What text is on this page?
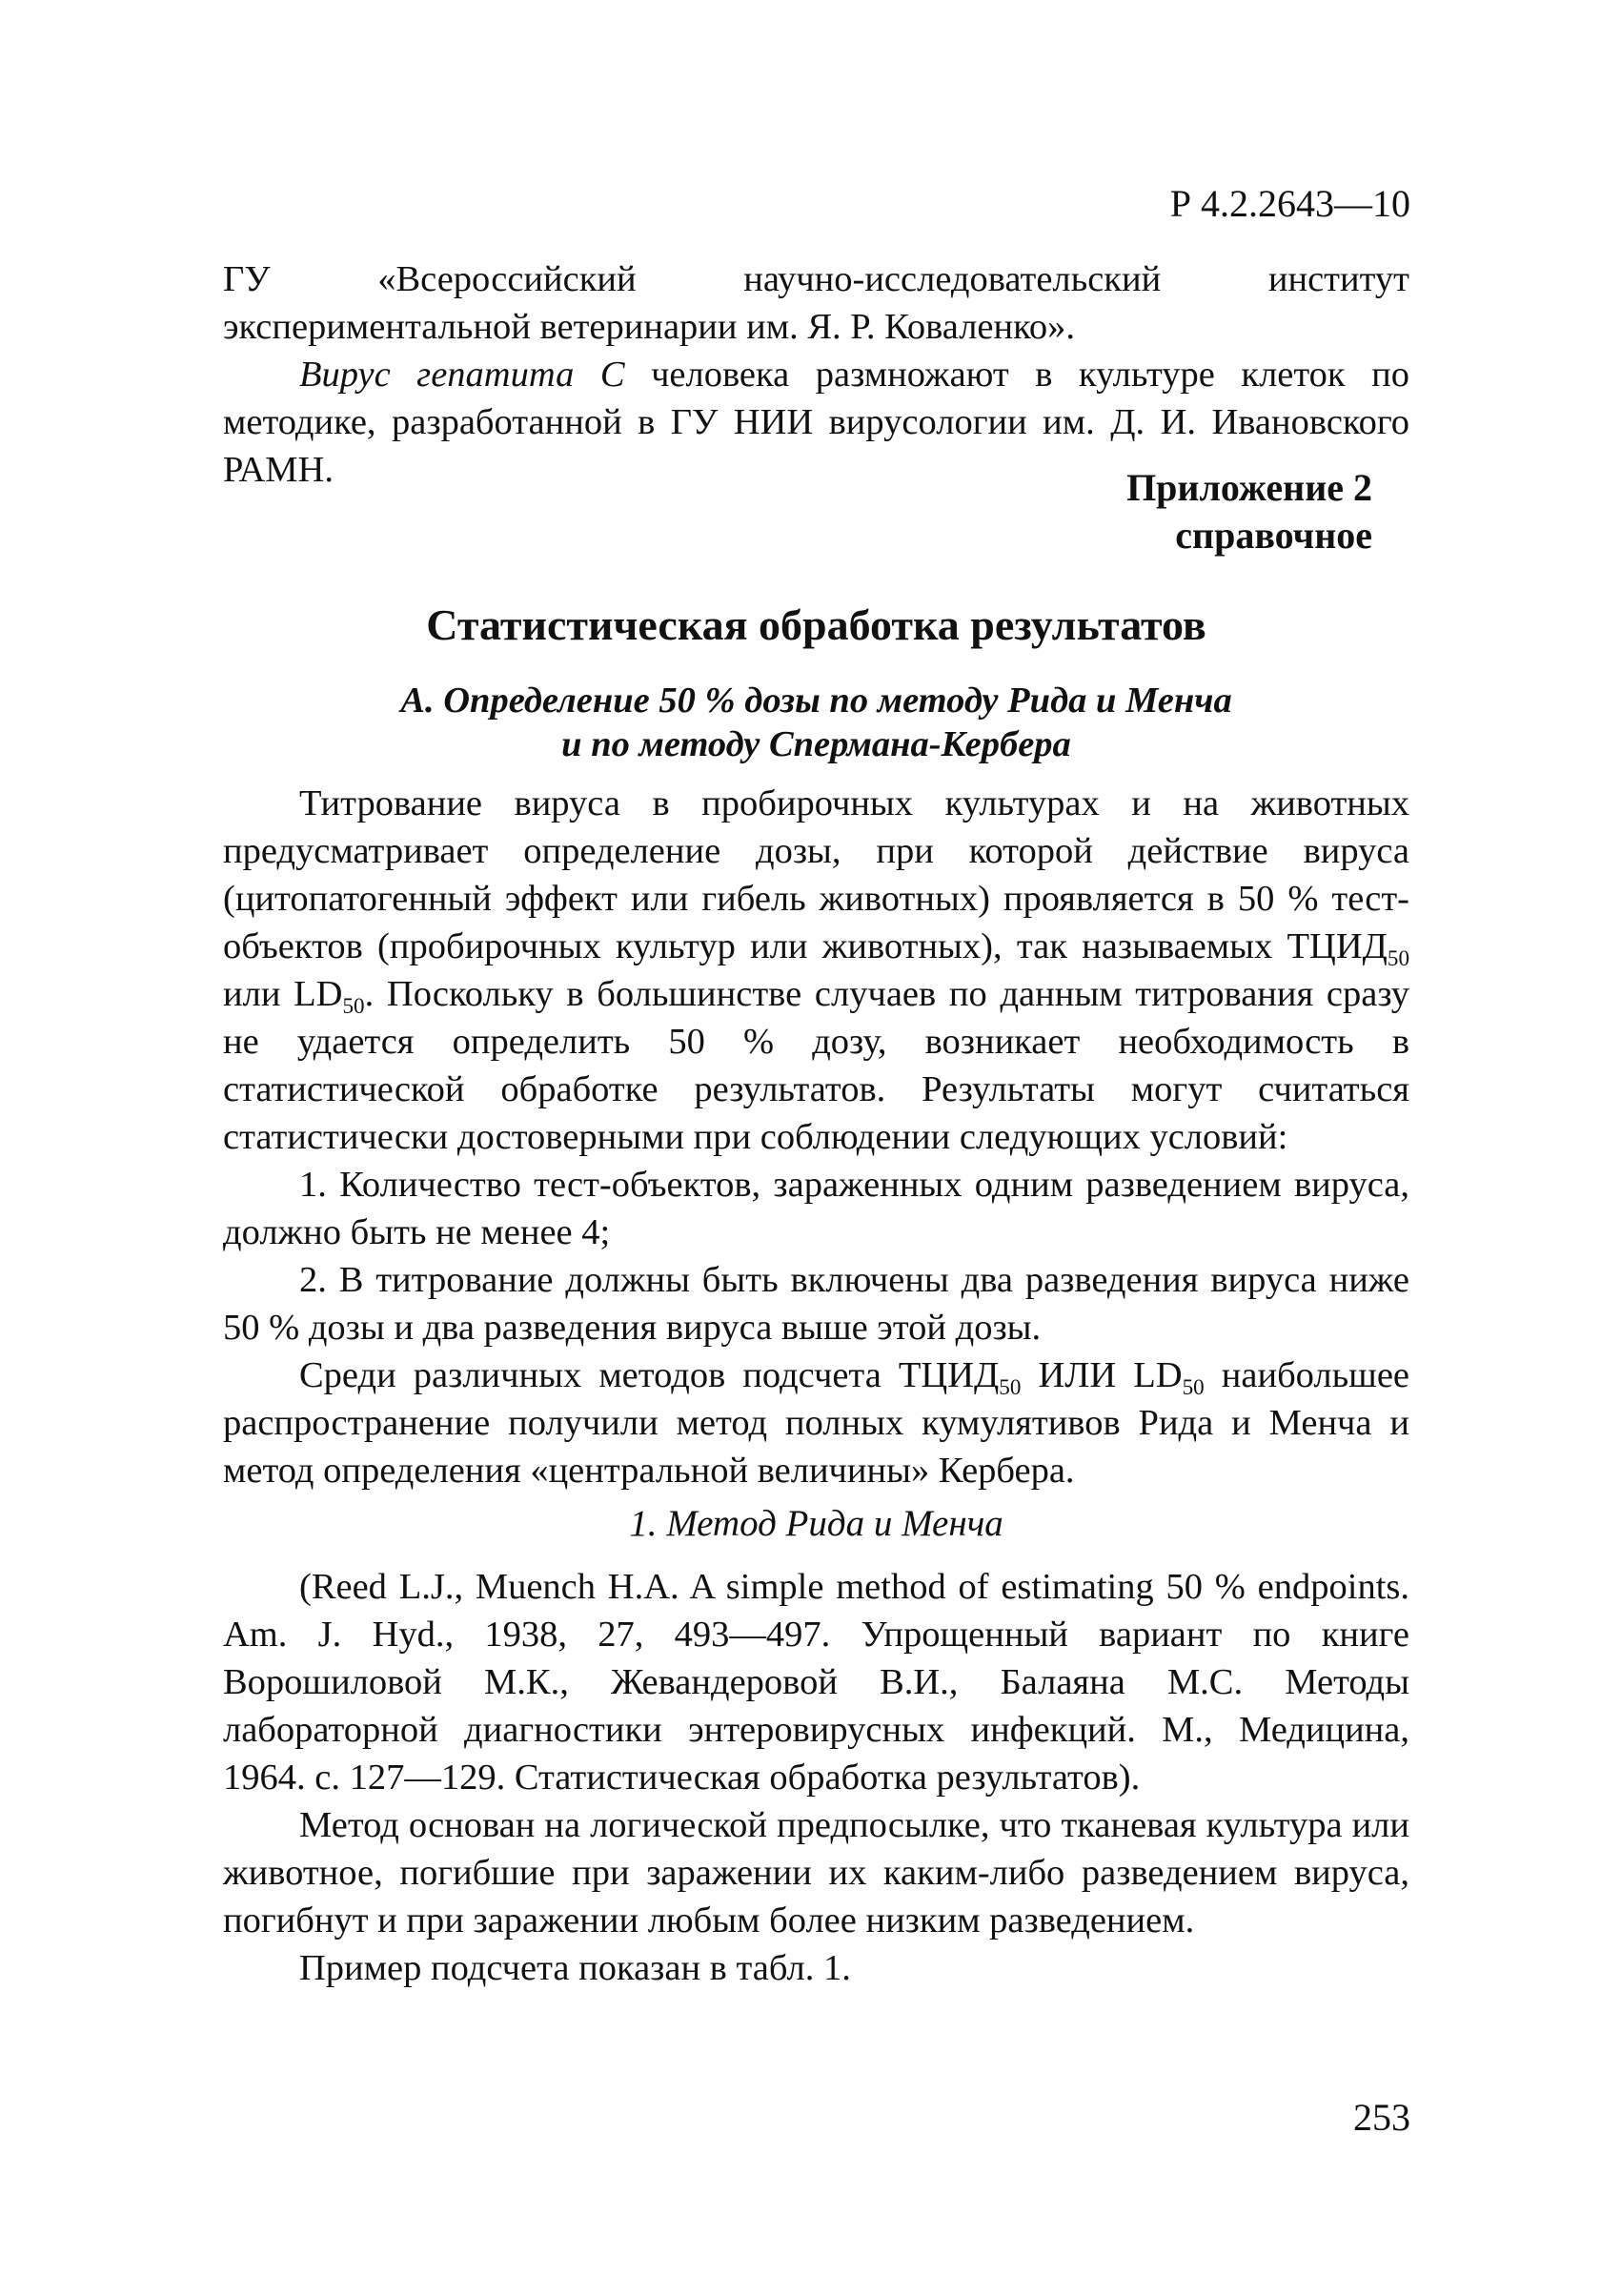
Р 4.2.2643—10

ГУ «Всероссийский научно-исследовательский институт экспериментальной ветеринарии им. Я. Р. Коваленко».

Вирус гепатита С человека размножают в культуре клеток по методике, разработанной в ГУ НИИ вирусологии им. Д. И. Ивановского РАМН.	Приложение 2
справочное
Статистическая обработка результатов
А. Определение 50 % дозы по методу Рида и Менча
и по методу Спермана-Кербера

Титрование вируса в пробирочных культурах и на животных предусматривает определение дозы, при которой действие вируса (цитопатогенный эффект или гибель животных) проявляется в 50 % тест-объектов (пробирочных культур или животных), так называемых $ТЦИД_{50}$ или $LD_{50}$. Поскольку в большинстве случаев по данным титрования сразу не удается определить 50 % дозу, возникает необходимость в статистической обработке результатов. Результаты могут считаться статистически достоверными при соблюдении следующих условий:

1. Количество тест-объектов, зараженных одним разведением вируса, должно быть не менее 4;

2. В титрование должны быть включены два разведения вируса ниже 50 % дозы и два разведения вируса выше этой дозы.

Среди различных методов подсчета $ТЦИД_{50}$ ИЛИ $LD_{50}$ наибольшее распространение получили метод полных кумулятивов Рида и Менча и метод определения «центральной величины» Кербера.

1. Метод Рида и Менча

(Reed L.J., Muench H.A. A simple method of estimating 50 % endpoints. Am. J. Hyd., 1938, 27, 493—497. Упрощенный вариант по книге Ворошиловой М.К., Жевандеровой В.И., Балаяна М.С. Методы лабораторной диагностики энтеровирусных инфекций. М., Медицина, 1964. с. 127—129. Статистическая обработка результатов).

Метод основан на логической предпосылке, что тканевая культура или животное, погибшие при заражении их каким-либо разведением вируса, погибнут и при заражении любым более низким разведением.

Пример подсчета показан в табл. 1.

253
